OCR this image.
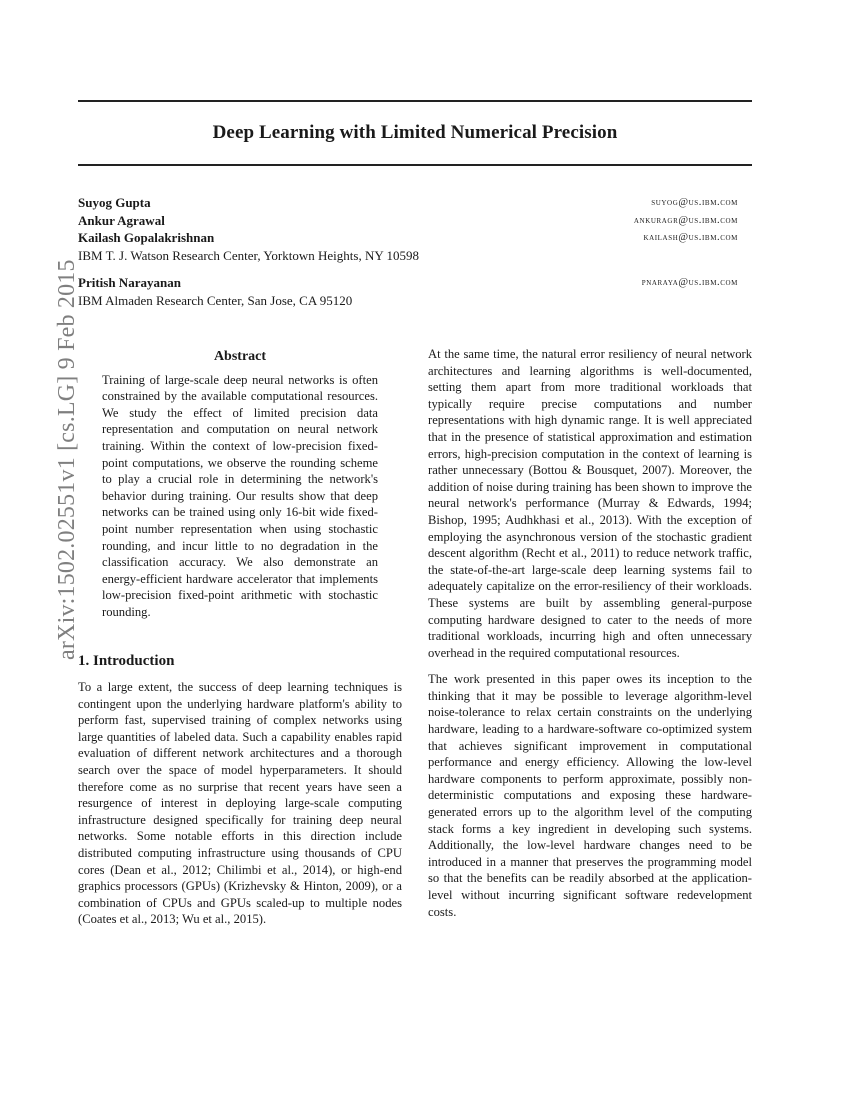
Deep Learning with Limited Numerical Precision
arXiv:1502.02551v1 [cs.LG] 9 Feb 2015
Suyog Gupta	suyog@us.ibm.com
Ankur Agrawal	ankuragr@us.ibm.com
Kailash Gopalakrishnan	kailash@us.ibm.com
IBM T. J. Watson Research Center, Yorktown Heights, NY 10598
Pritish Narayanan	pnaraya@us.ibm.com
IBM Almaden Research Center, San Jose, CA 95120
Abstract
Training of large-scale deep neural networks is often constrained by the available computational resources. We study the effect of limited precision data representation and computation on neural network training. Within the context of low-precision fixed-point computations, we observe the rounding scheme to play a crucial role in determining the network's behavior during training. Our results show that deep networks can be trained using only 16-bit wide fixed-point number representation when using stochastic rounding, and incur little to no degradation in the classification accuracy. We also demonstrate an energy-efficient hardware accelerator that implements low-precision fixed-point arithmetic with stochastic rounding.
1. Introduction

To a large extent, the success of deep learning techniques is contingent upon the underlying hardware platform's ability to perform fast, supervised training of complex networks using large quantities of labeled data. Such a capability enables rapid evaluation of different network architectures and a thorough search over the space of model hyperparameters. It should therefore come as no surprise that recent years have seen a resurgence of interest in deploying large-scale computing infrastructure designed specifically for training deep neural networks. Some notable efforts in this direction include distributed computing infrastructure using thousands of CPU cores (Dean et al., 2012; Chilimbi et al., 2014), or high-end graphics processors (GPUs) (Krizhevsky & Hinton, 2009), or a combination of CPUs and GPUs scaled-up to multiple nodes (Coates et al., 2013; Wu et al., 2015).

At the same time, the natural error resiliency of neural network architectures and learning algorithms is well-documented, setting them apart from more traditional workloads that typically require precise computations and number representations with high dynamic range. It is well appreciated that in the presence of statistical approximation and estimation errors, high-precision computation in the context of learning is rather unnecessary (Bottou & Bousquet, 2007). Moreover, the addition of noise during training has been shown to improve the neural network's performance (Murray & Edwards, 1994; Bishop, 1995; Audhkhasi et al., 2013). With the exception of employing the asynchronous version of the stochastic gradient descent algorithm (Recht et al., 2011) to reduce network traffic, the state-of-the-art large-scale deep learning systems fail to adequately capitalize on the error-resiliency of their workloads. These systems are built by assembling general-purpose computing hardware designed to cater to the needs of more traditional workloads, incurring high and often unnecessary overhead in the required computational resources.

The work presented in this paper owes its inception to the thinking that it may be possible to leverage algorithm-level noise-tolerance to relax certain constraints on the underlying hardware, leading to a hardware-software co-optimized system that achieves significant improvement in computational performance and energy efficiency. Allowing the low-level hardware components to perform approximate, possibly non-deterministic computations and exposing these hardware-generated errors up to the algorithm level of the computing stack forms a key ingredient in developing such systems. Additionally, the low-level hardware changes need to be introduced in a manner that preserves the programming model so that the benefits can be readily absorbed at the application-level without incurring significant software redevelopment costs.
